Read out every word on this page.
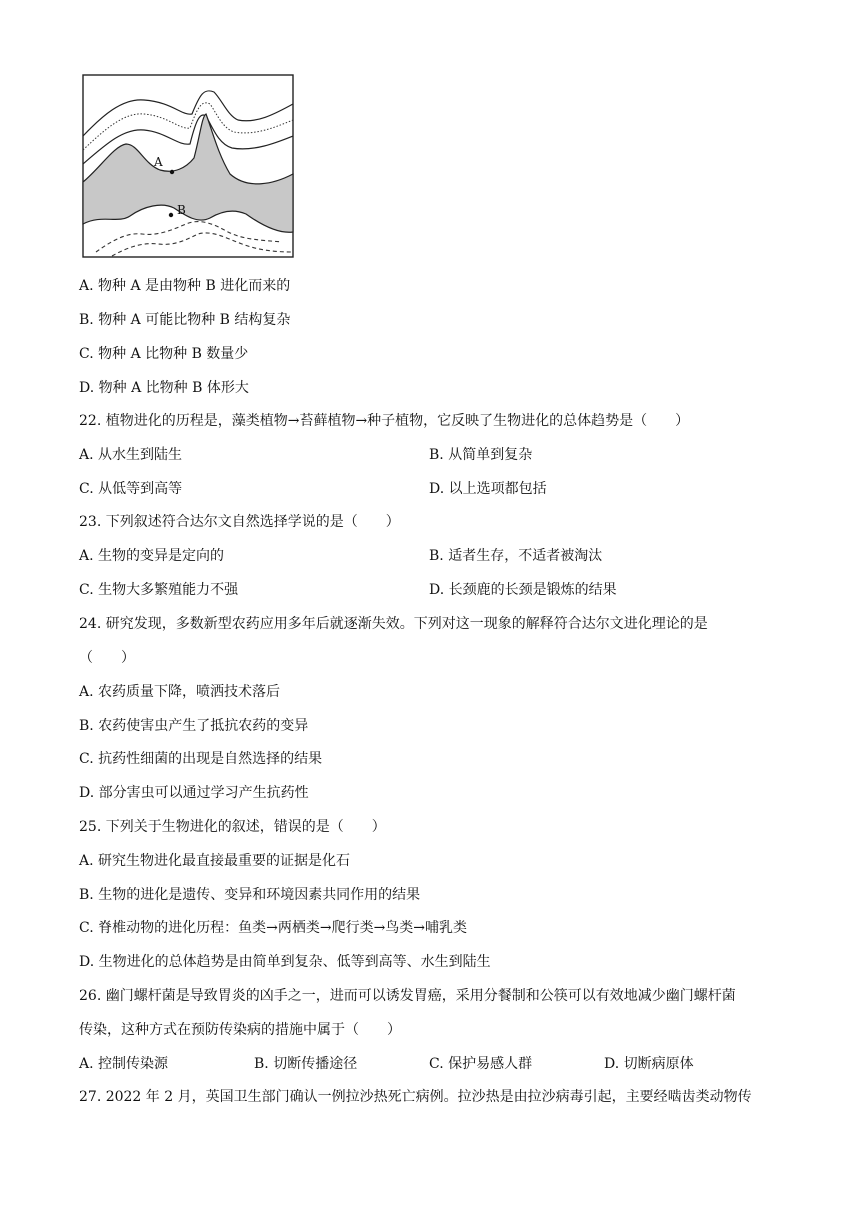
A
B
A. 物种 A 是由物种 B 进化而来的
B. 物种 A 可能比物种 B 结构复杂
C. 物种 A 比物种 B 数量少
D. 物种 A 比物种 B 体形大
22. 植物进化的历程是，藻类植物→苔藓植物→种子植物，它反映了生物进化的总体趋势是（　　）
A. 从水生到陆生	B. 从简单到复杂
C. 从低等到高等	D. 以上选项都包括
23. 下列叙述符合达尔文自然选择学说的是（　　）
A. 生物的变异是定向的	B. 适者生存，不适者被淘汰
C. 生物大多繁殖能力不强	D. 长颈鹿的长颈是锻炼的结果
24. 研究发现，多数新型农药应用多年后就逐渐失效。下列对这一现象的解释符合达尔文进化理论的是
（　　）
A. 农药质量下降，喷洒技术落后
B. 农药使害虫产生了抵抗农药的变异
C. 抗药性细菌的出现是自然选择的结果
D. 部分害虫可以通过学习产生抗药性
25. 下列关于生物进化的叙述，错误的是（　　）
A. 研究生物进化最直接最重要的证据是化石
B. 生物的进化是遗传、变异和环境因素共同作用的结果
C. 脊椎动物的进化历程：鱼类→两栖类→爬行类→鸟类→哺乳类
D. 生物进化的总体趋势是由简单到复杂、低等到高等、水生到陆生
26. 幽门螺杆菌是导致胃炎的凶手之一，进而可以诱发胃癌，采用分餐制和公筷可以有效地减少幽门螺杆菌
传染，这种方式在预防传染病的措施中属于（　　）
A. 控制传染源	B. 切断传播途径	C. 保护易感人群	D. 切断病原体
27. 2022 年 2 月，英国卫生部门确认一例拉沙热死亡病例。拉沙热是由拉沙病毒引起，主要经啮齿类动物传
